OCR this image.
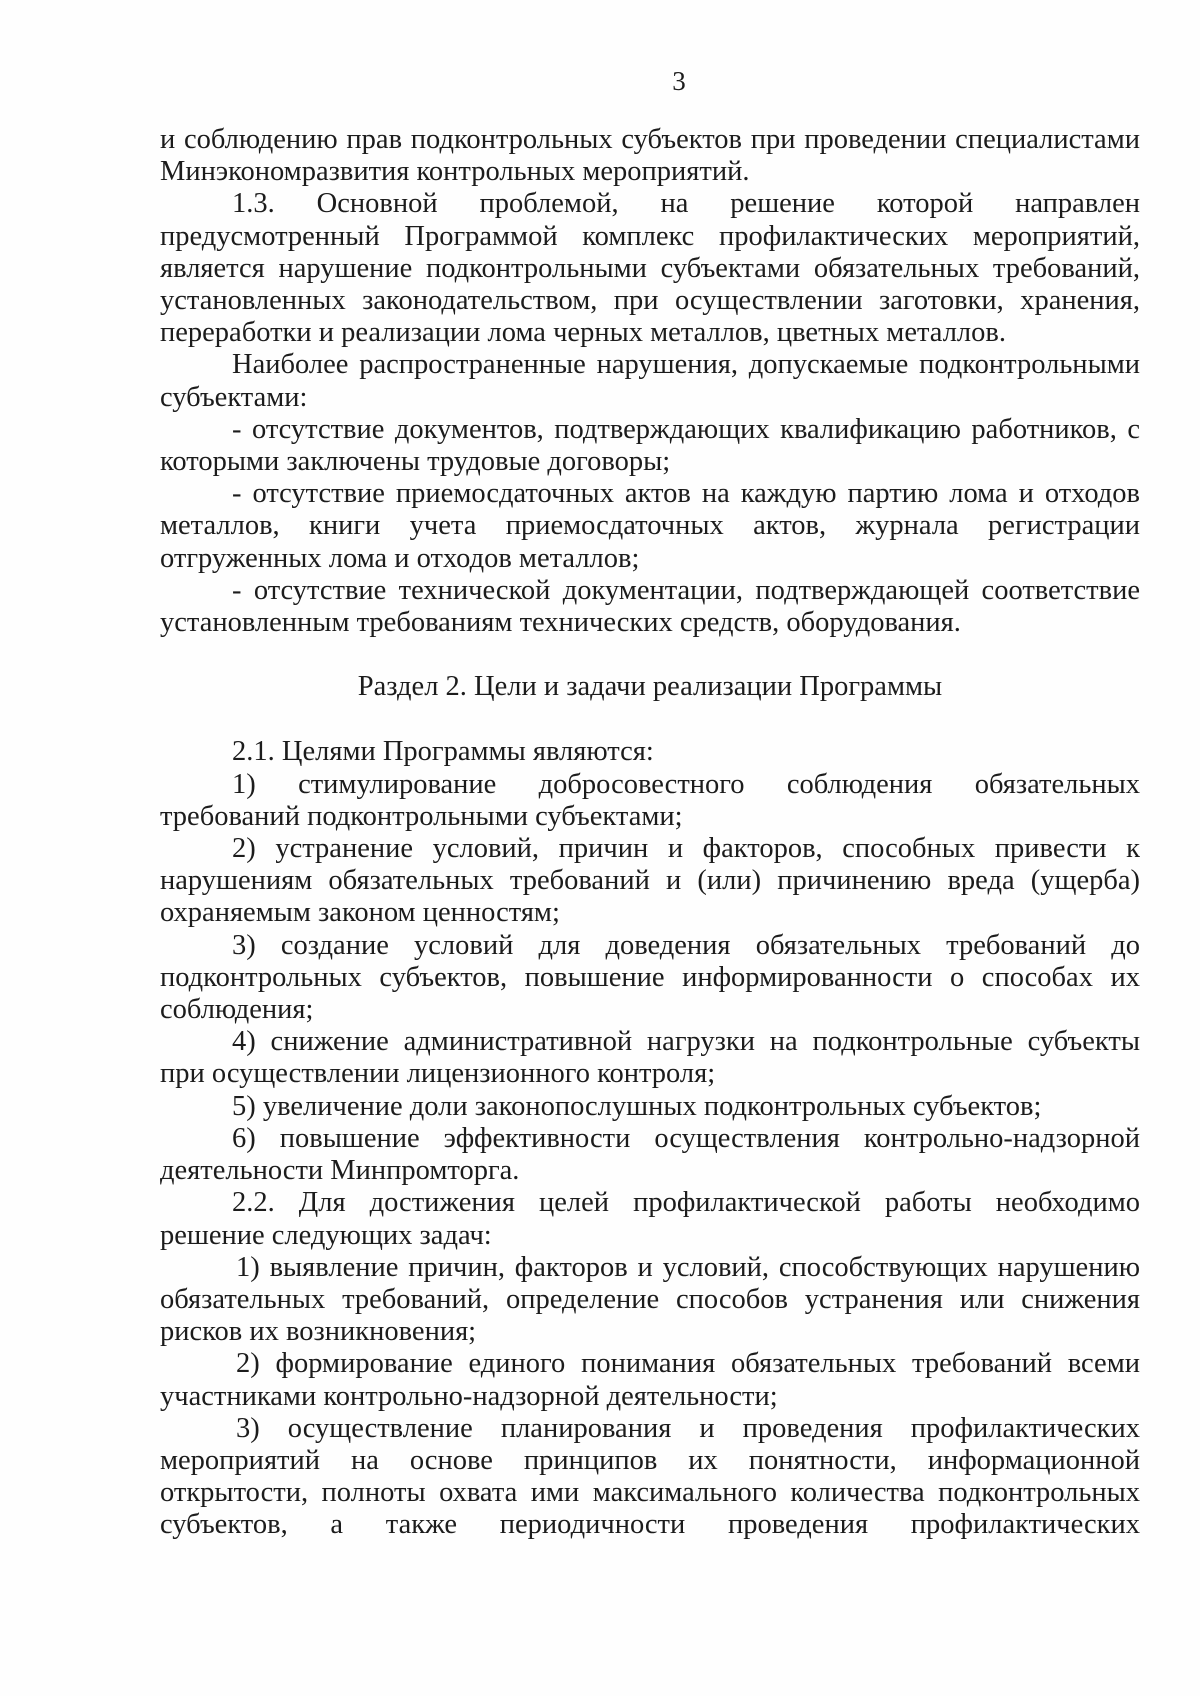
3

и соблюдению прав подконтрольных субъектов при проведении специалистами Минэкономразвития контрольных мероприятий.

1.3. Основной проблемой, на решение которой направлен предусмотренный Программой комплекс профилактических мероприятий, является нарушение подконтрольными субъектами обязательных требований, установленных законодательством, при осуществлении заготовки, хранения, переработки и реализации лома черных металлов, цветных металлов.

Наиболее распространенные нарушения, допускаемые подконтрольными субъектами:

- отсутствие документов, подтверждающих квалификацию работников, с которыми заключены трудовые договоры;

- отсутствие приемосдаточных актов на каждую партию лома и отходов металлов, книги учета приемосдаточных актов, журнала регистрации отгруженных лома и отходов металлов;

- отсутствие технической документации, подтверждающей соответствие установленным требованиям технических средств, оборудования.

Раздел 2. Цели и задачи реализации Программы

2.1. Целями Программы являются:

1) стимулирование добросовестного соблюдения обязательных требований подконтрольными субъектами;

2) устранение условий, причин и факторов, способных привести к нарушениям обязательных требований и (или) причинению вреда (ущерба) охраняемым законом ценностям;

3) создание условий для доведения обязательных требований до подконтрольных субъектов, повышение информированности о способах их соблюдения;

4) снижение административной нагрузки на подконтрольные субъекты при осуществлении лицензионного контроля;

5) увеличение доли законопослушных подконтрольных субъектов;

6) повышение эффективности осуществления контрольно-надзорной деятельности Минпромторга.

2.2. Для достижения целей профилактической работы необходимо решение следующих задач:

1) выявление причин, факторов и условий, способствующих нарушению обязательных требований, определение способов устранения или снижения рисков их возникновения;

2) формирование единого понимания обязательных требований всеми участниками контрольно-надзорной деятельности;

3) осуществление планирования и проведения профилактических мероприятий на основе принципов их понятности, информационной открытости, полноты охвата ими максимального количества подконтрольных субъектов, а также периодичности проведения профилактических
